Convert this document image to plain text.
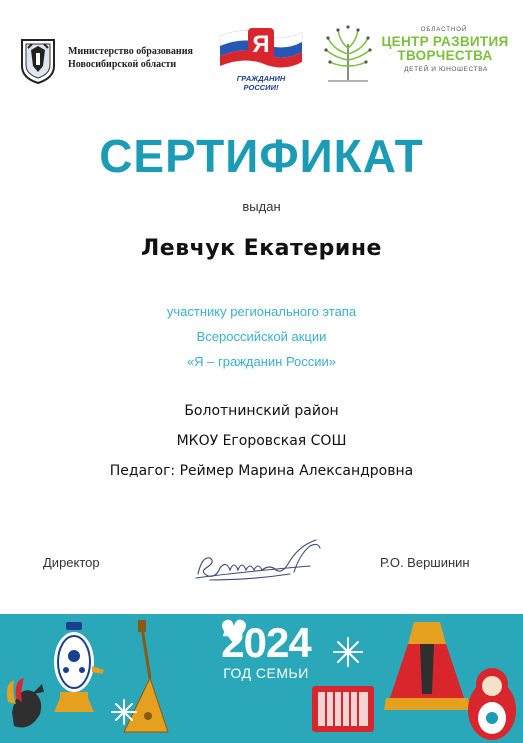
Министерство образования
Новосибирской области
Я
ГРАЖДАНИН
РОССИИ!
ОБЛАСТНОЙ
ЦЕНТР РАЗВИТИЯ
ТВОРЧЕСТВА
ДЕТЕЙ И ЮНОШЕСТВА
СЕРТИФИКАТ
выдан
Левчук Екатерине
участнику регионального этапа
Всероссийской акции
«Я – гражданин России»
Болотнинский район
МКОУ Егоровская СОШ
Педагог: Реймер Марина Александровна
Директор	Р.О. Вершинин
2024
ГОД СЕМЬИ
